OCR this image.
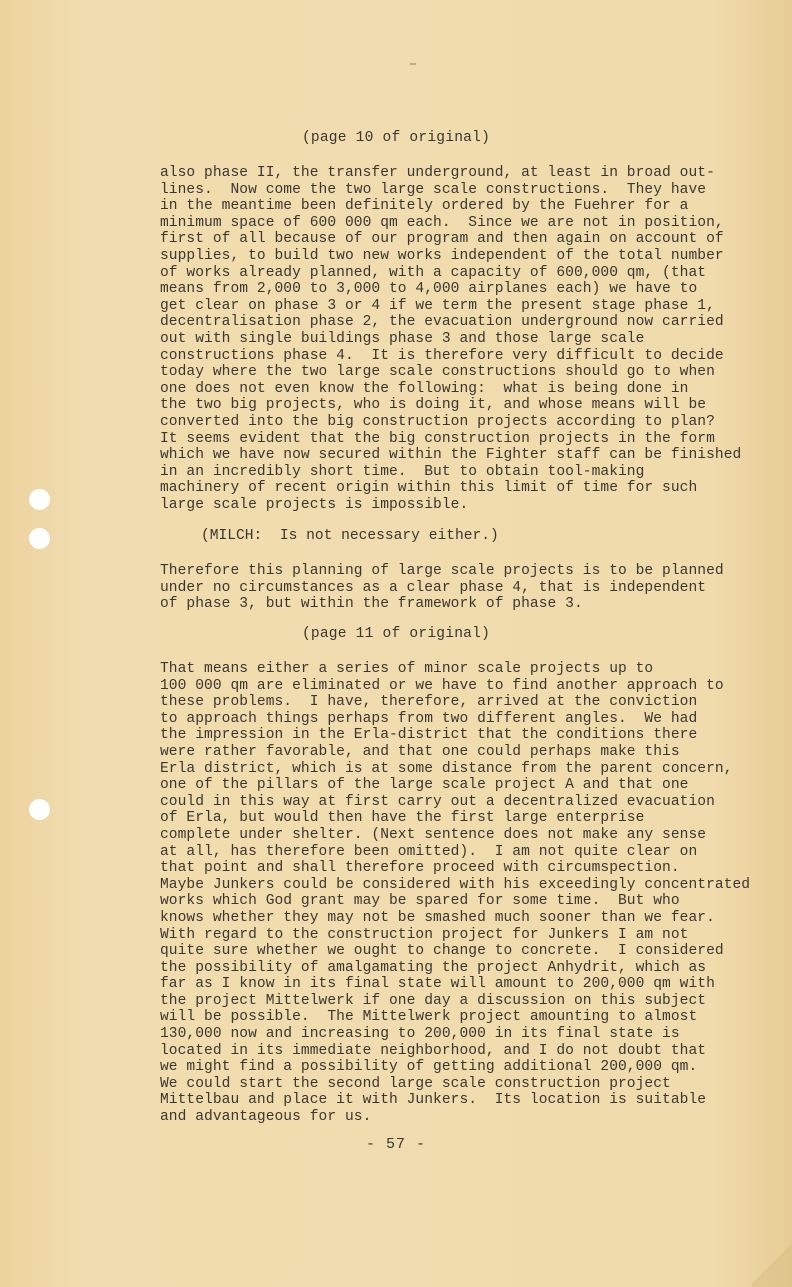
(page 10 of original)
also phase II, the transfer underground, at least in broad out-
lines.  Now come the two large scale constructions.  They have
in the meantime been definitely ordered by the Fuehrer for a
minimum space of 600 000 qm each.  Since we are not in position,
first of all because of our program and then again on account of
supplies, to build two new works independent of the total number
of works already planned, with a capacity of 600,000 qm, (that
means from 2,000 to 3,000 to 4,000 airplanes each) we have to
get clear on phase 3 or 4 if we term the present stage phase 1,
decentralisation phase 2, the evacuation underground now carried
out with single buildings phase 3 and those large scale
constructions phase 4.  It is therefore very difficult to decide
today where the two large scale constructions should go to when
one does not even know the following:  what is being done in
the two big projects, who is doing it, and whose means will be
converted into the big construction projects according to plan?
It seems evident that the big construction projects in the form
which we have now secured within the Fighter staff can be finished
in an incredibly short time.  But to obtain tool-making
machinery of recent origin within this limit of time for such
large scale projects is impossible.
(MILCH:  Is not necessary either.)
Therefore this planning of large scale projects is to be planned
under no circumstances as a clear phase 4, that is independent
of phase 3, but within the framework of phase 3.
(page 11 of original)
That means either a series of minor scale projects up to
100 000 qm are eliminated or we have to find another approach to
these problems.  I have, therefore, arrived at the conviction
to approach things perhaps from two different angles.  We had
the impression in the Erla-district that the conditions there
were rather favorable, and that one could perhaps make this
Erla district, which is at some distance from the parent concern,
one of the pillars of the large scale project A and that one
could in this way at first carry out a decentralized evacuation
of Erla, but would then have the first large enterprise
complete under shelter. (Next sentence does not make any sense
at all, has therefore been omitted).  I am not quite clear on
that point and shall therefore proceed with circumspection.
Maybe Junkers could be considered with his exceedingly concentrated
works which God grant may be spared for some time.  But who
knows whether they may not be smashed much sooner than we fear.
With regard to the construction project for Junkers I am not
quite sure whether we ought to change to concrete.  I considered
the possibility of amalgamating the project Anhydrit, which as
far as I know in its final state will amount to 200,000 qm with
the project Mittelwerk if one day a discussion on this subject
will be possible.  The Mittelwerk project amounting to almost
130,000 now and increasing to 200,000 in its final state is
located in its immediate neighborhood, and I do not doubt that
we might find a possibility of getting additional 200,000 qm.
We could start the second large scale construction project
Mittelbau and place it with Junkers.  Its location is suitable
and advantageous for us.
- 57 -
